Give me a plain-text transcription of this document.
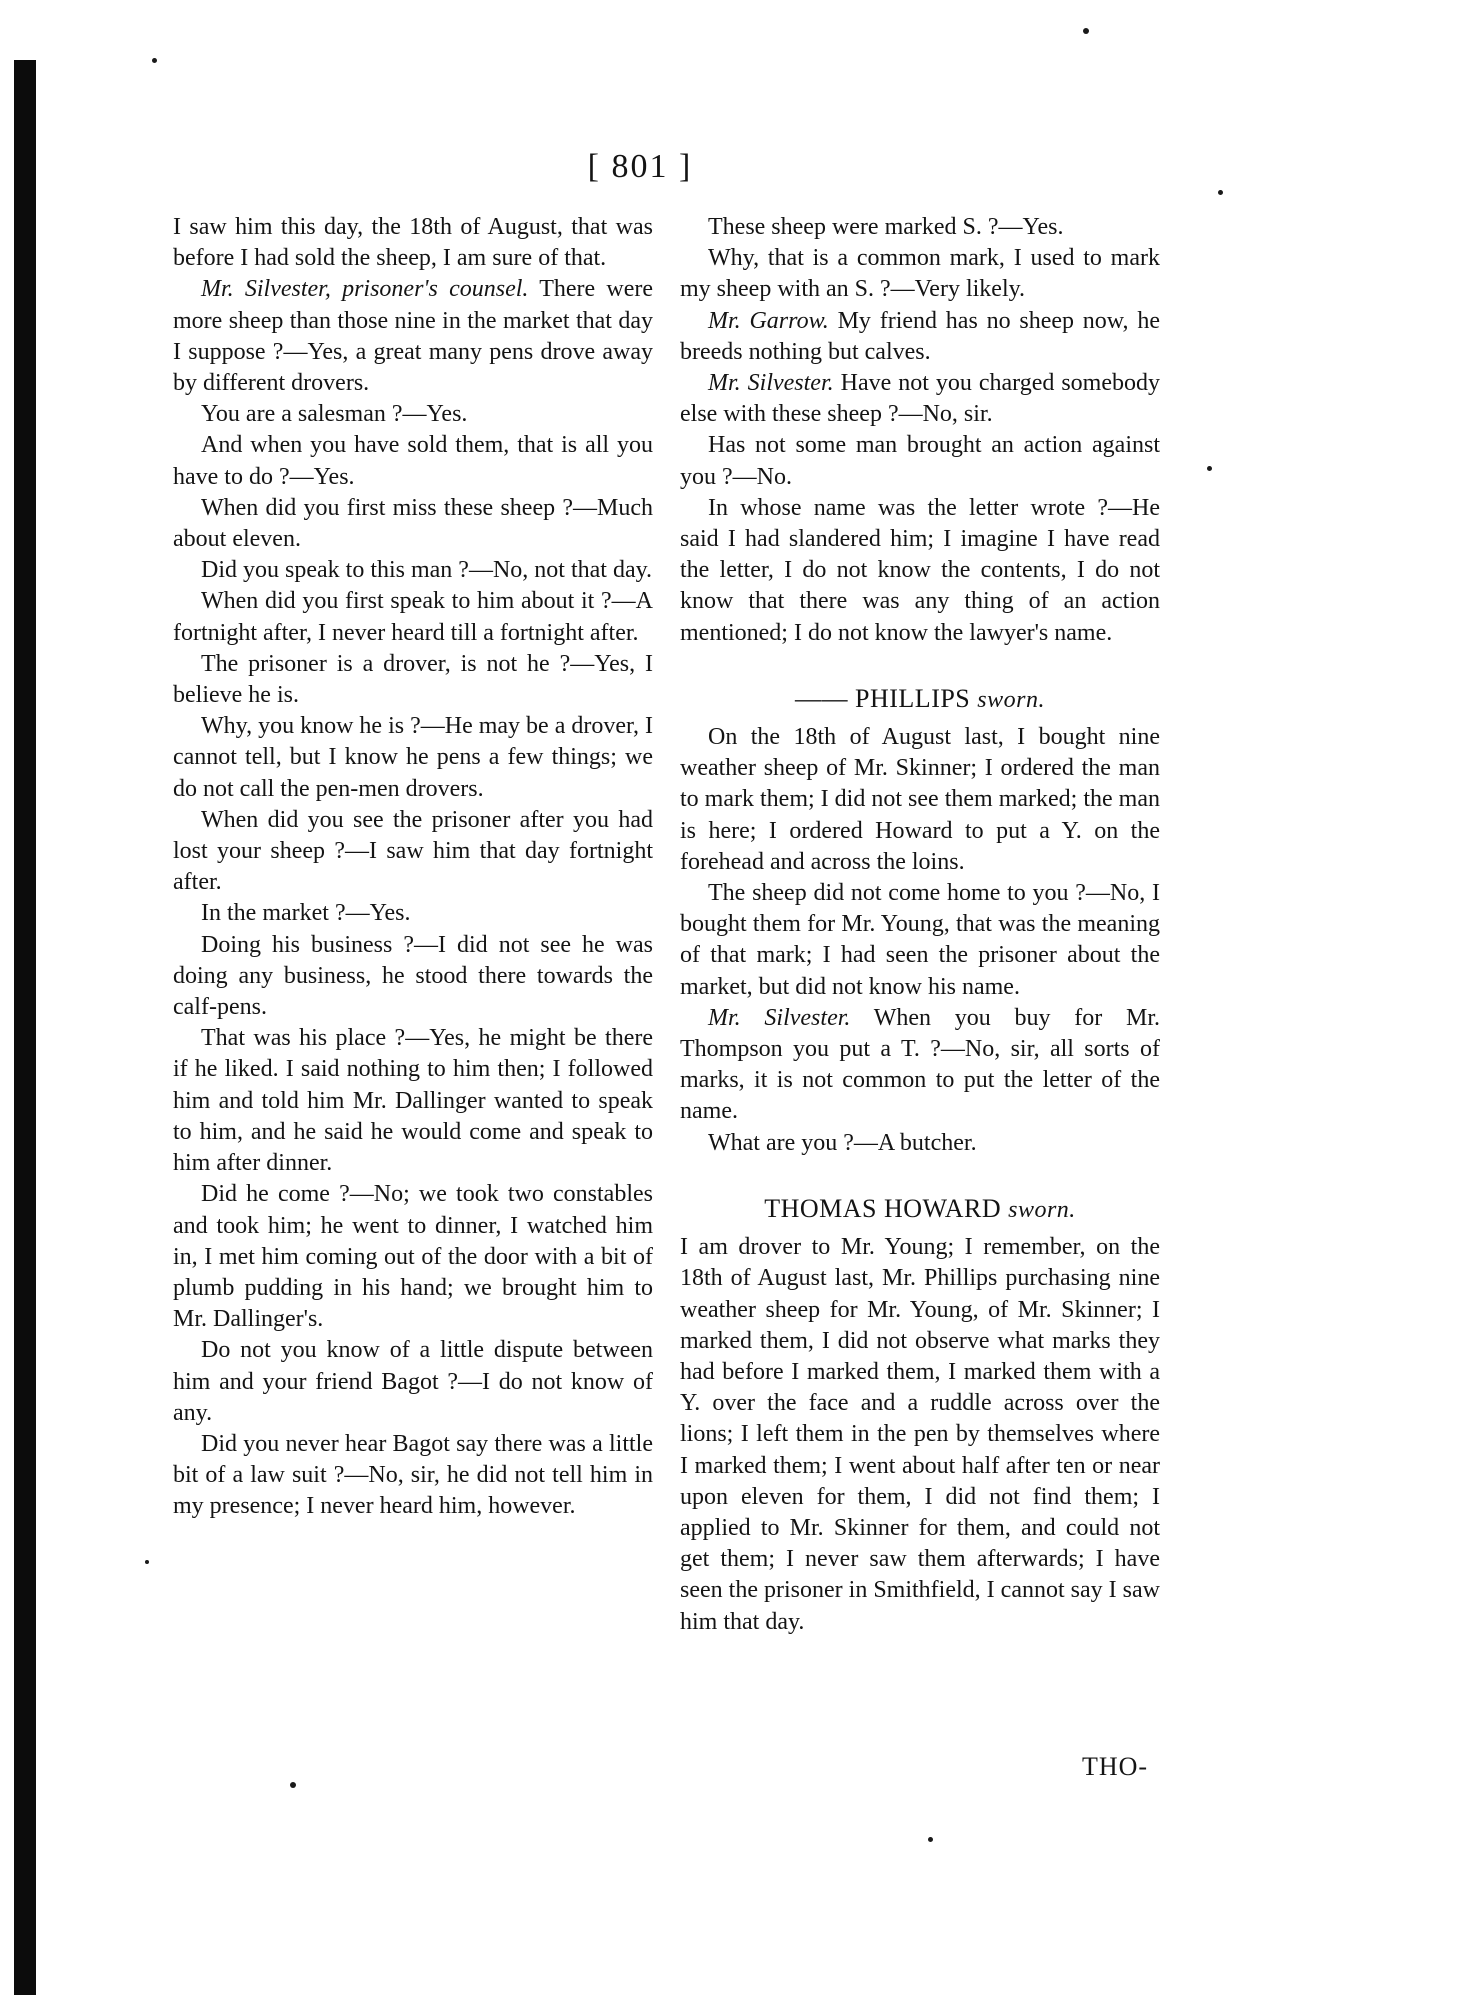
[ 801 ]

I saw him this day, the 18th of August, that was before I had sold the sheep, I am sure of that.

Mr. Silvester, prisoner's counsel. There were more sheep than those nine in the market that day I suppose ?—Yes, a great many pens drove away by different drovers.

You are a salesman ?—Yes.

And when you have sold them, that is all you have to do ?—Yes.

When did you first miss these sheep ?—Much about eleven.

Did you speak to this man ?—No, not that day.

When did you first speak to him about it ?—A fortnight after, I never heard till a fortnight after.

The prisoner is a drover, is not he ?—Yes, I believe he is.

Why, you know he is ?—He may be a drover, I cannot tell, but I know he pens a few things; we do not call the pen-men drovers.

When did you see the prisoner after you had lost your sheep ?—I saw him that day fortnight after.

In the market ?—Yes.

Doing his business ?—I did not see he was doing any business, he stood there towards the calf-pens.

That was his place ?—Yes, he might be there if he liked. I said nothing to him then; I followed him and told him Mr. Dallinger wanted to speak to him, and he said he would come and speak to him after dinner.

Did he come ?—No; we took two constables and took him; he went to dinner, I watched him in, I met him coming out of the door with a bit of plumb pudding in his hand; we brought him to Mr. Dallinger's.

Do not you know of a little dispute between him and your friend Bagot ?—I do not know of any.

Did you never hear Bagot say there was a little bit of a law suit ?—No, sir, he did not tell him in my presence; I never heard him, however.

These sheep were marked S. ?—Yes.

Why, that is a common mark, I used to mark my sheep with an S. ?—Very likely.

Mr. Garrow. My friend has no sheep now, he breeds nothing but calves.

Mr. Silvester. Have not you charged somebody else with these sheep ?—No, sir.

Has not some man brought an action against you ?—No.

In whose name was the letter wrote ?—He said I had slandered him; I imagine I have read the letter, I do not know the contents, I do not know that there was any thing of an action mentioned; I do not know the lawyer's name.

—— PHILLIPS sworn.

On the 18th of August last, I bought nine weather sheep of Mr. Skinner; I ordered the man to mark them; I did not see them marked; the man is here; I ordered Howard to put a Y. on the forehead and across the loins.

The sheep did not come home to you ?—No, I bought them for Mr. Young, that was the meaning of that mark; I had seen the prisoner about the market, but did not know his name.

Mr. Silvester. When you buy for Mr. Thompson you put a T. ?—No, sir, all sorts of marks, it is not common to put the letter of the name.

What are you ?—A butcher.

THOMAS HOWARD sworn.

I am drover to Mr. Young; I remember, on the 18th of August last, Mr. Phillips purchasing nine weather sheep for Mr. Young, of Mr. Skinner; I marked them, I did not observe what marks they had before I marked them, I marked them with a Y. over the face and a ruddle across over the lions; I left them in the pen by themselves where I marked them; I went about half after ten or near upon eleven for them, I did not find them; I applied to Mr. Skinner for them, and could not get them; I never saw them afterwards; I have seen the prisoner in Smithfield, I cannot say I saw him that day.

THO-
